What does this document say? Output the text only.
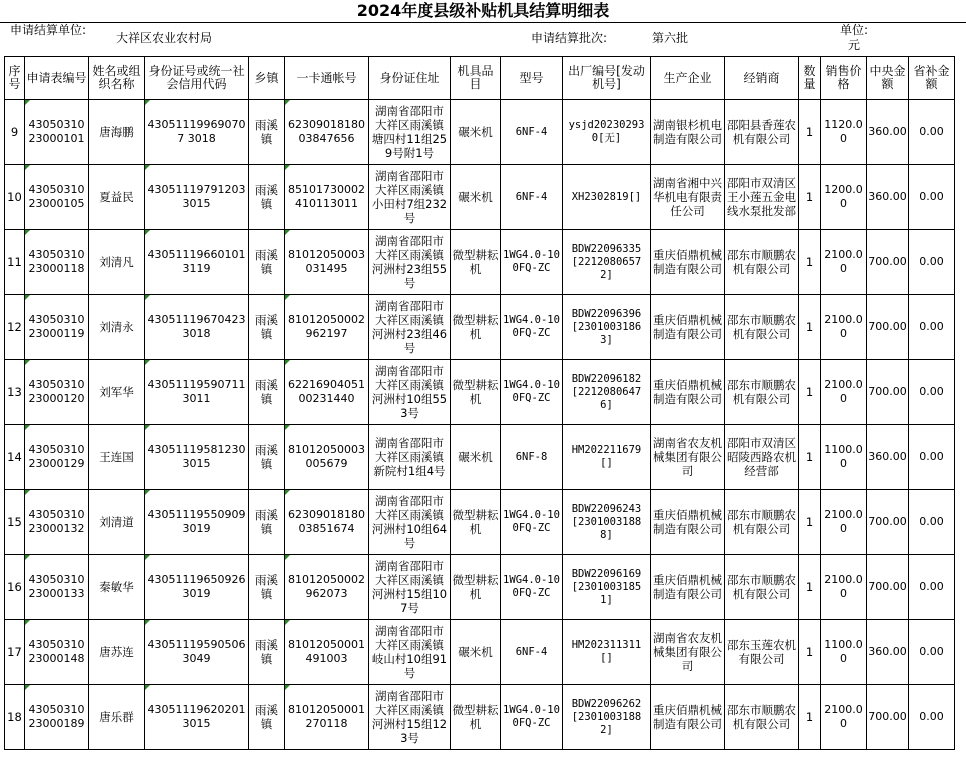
2024年度县级补贴机具结算明细表
申请结算单位:
大祥区农业农村局	申请结算批次:	第六批
单位:元
序号	申请表编号	姓名或组织名称	身份证号或统一社会信用代码	乡镇	一卡通帐号	身份证住址	机具品目	型号	出厂编号[发动机号]	生产企业	经销商	数量	销售价格	中央金额	省补金额
9	4305031023000101	唐海鹏	430511199690707 3018	雨溪镇	62309018180 03847656	湖南省邵阳市大祥区雨溪镇塘四村11组259号附1号	碾米机	6NF-4	ysjd20230293 0[无]	湖南银杉机电制造有限公司	邵阳县香莲农机有限公司	1	1120.00	360.00	0.00
10	4305031023000105	夏益民	430511197912033015	雨溪镇	85101730002 410113011	湖南省邵阳市大祥区雨溪镇小田村7组232号	碾米机	6NF-4	XH2302819[]	湖南省湘中兴华机电有限责任公司	邵阳市双清区王小莲五金电线水泵批发部	1	1200.00	360.00	0.00
11	4305031023000118	刘清凡	430511196601013119	雨溪镇	81012050003 031495	湖南省邵阳市大祥区雨溪镇河洲村23组55号	微型耕耘机	1WG4.0-100FQ-ZC	BDW22096335 [2212080657 2]	重庆佰鼎机械制造有限公司	邵东市顺鹏农机有限公司	1	2100.00	700.00	0.00
12	4305031023000119	刘清永	430511196704233018	雨溪镇	81012050002 962197	湖南省邵阳市大祥区雨溪镇河洲村23组46号	微型耕耘机	1WG4.0-100FQ-ZC	BDW22096396 [2301003186 3]	重庆佰鼎机械制造有限公司	邵东市顺鹏农机有限公司	1	2100.00	700.00	0.00
13	4305031023000120	刘军华	430511195907113011	雨溪镇	62216904051 00231440	湖南省邵阳市大祥区雨溪镇河洲村10组553号	微型耕耘机	1WG4.0-100FQ-ZC	BDW22096182 [2212080647 6]	重庆佰鼎机械制造有限公司	邵东市顺鹏农机有限公司	1	2100.00	700.00	0.00
14	4305031023000129	王连国	430511195812303015	雨溪镇	81012050003 005679	湖南省邵阳市大祥区雨溪镇新院村1组4号	碾米机	6NF-8	HM202211679 []	湖南省农友机械集团有限公司	邵阳市双清区昭陵西路农机经营部	1	1100.00	360.00	0.00
15	4305031023000132	刘清道	430511195509093019	雨溪镇	62309018180 03851674	湖南省邵阳市大祥区雨溪镇河洲村10组64号	微型耕耘机	1WG4.0-100FQ-ZC	BDW22096243 [2301003188 8]	重庆佰鼎机械制造有限公司	邵东市顺鹏农机有限公司	1	2100.00	700.00	0.00
16	4305031023000133	秦敏华	430511196509263019	雨溪镇	81012050002 962073	湖南省邵阳市大祥区雨溪镇河洲村15组107号	微型耕耘机	1WG4.0-100FQ-ZC	BDW22096169 [2301003185 1]	重庆佰鼎机械制造有限公司	邵东市顺鹏农机有限公司	1	2100.00	700.00	0.00
17	4305031023000148	唐苏连	430511195905063049	雨溪镇	81012050001 491003	湖南省邵阳市大祥区雨溪镇岐山村10组91号	碾米机	6NF-4	HM202311311 []	湖南省农友机械集团有限公司	邵东玉莲农机有限公司	1	1100.00	360.00	0.00
18	4305031023000189	唐乐群	430511196202013015	雨溪镇	81012050001 270118	湖南省邵阳市大祥区雨溪镇河洲村15组123号	微型耕耘机	1WG4.0-100FQ-ZC	BDW22096262 [2301003188 2]	重庆佰鼎机械制造有限公司	邵东市顺鹏农机有限公司	1	2100.00	700.00	0.00
